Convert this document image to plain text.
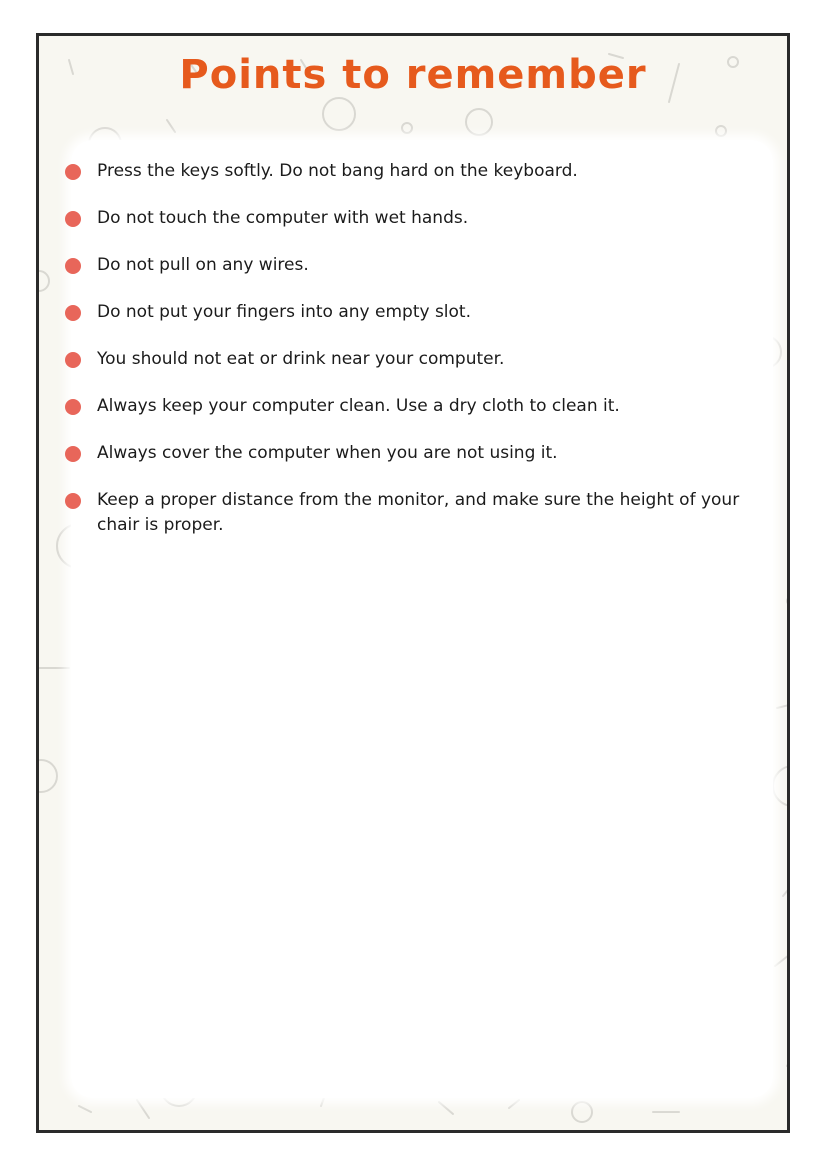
Points to remember
Press the keys softly. Do not bang hard on the keyboard.
Do not touch the computer with wet hands.
Do not pull on any wires.
Do not put your fingers into any empty slot.
You should not eat or drink near your computer.
Always keep your computer clean. Use a dry cloth to clean it.
Always cover the computer when you are not using it.
Keep a proper distance from the monitor, and make sure the height of your chair is proper.
